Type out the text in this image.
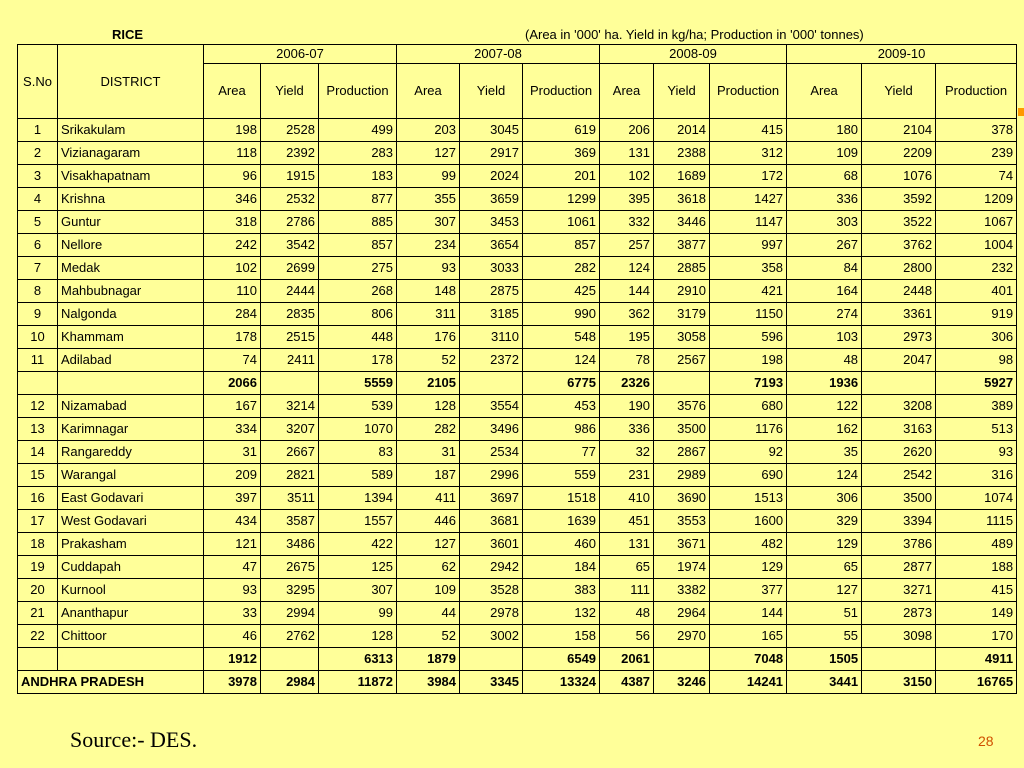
RICE	(Area in '000' ha. Yield in kg/ha; Production in '000' tonnes)
S.No	DISTRICT	2006-07			2007-08			2008-09			2009-10		
		Area	Yield	Production	Area	Yield	Production	Area	Yield	Production	Area	Yield	Production
1	Srikakulam	198	2528	499	203	3045	619	206	2014	415	180	2104	378
2	Vizianagaram	118	2392	283	127	2917	369	131	2388	312	109	2209	239
3	Visakhapatnam	96	1915	183	99	2024	201	102	1689	172	68	1076	74
4	Krishna	346	2532	877	355	3659	1299	395	3618	1427	336	3592	1209
5	Guntur	318	2786	885	307	3453	1061	332	3446	1147	303	3522	1067
6	Nellore	242	3542	857	234	3654	857	257	3877	997	267	3762	1004
7	Medak	102	2699	275	93	3033	282	124	2885	358	84	2800	232
8	Mahbubnagar	110	2444	268	148	2875	425	144	2910	421	164	2448	401
9	Nalgonda	284	2835	806	311	3185	990	362	3179	1150	274	3361	919
10	Khammam	178	2515	448	176	3110	548	195	3058	596	103	2973	306
11	Adilabad	74	2411	178	52	2372	124	78	2567	198	48	2047	98
		2066		5559	2105		6775	2326		7193	1936		5927
12	Nizamabad	167	3214	539	128	3554	453	190	3576	680	122	3208	389
13	Karimnagar	334	3207	1070	282	3496	986	336	3500	1176	162	3163	513
14	Rangareddy	31	2667	83	31	2534	77	32	2867	92	35	2620	93
15	Warangal	209	2821	589	187	2996	559	231	2989	690	124	2542	316
16	East Godavari	397	3511	1394	411	3697	1518	410	3690	1513	306	3500	1074
17	West Godavari	434	3587	1557	446	3681	1639	451	3553	1600	329	3394	1115
18	Prakasham	121	3486	422	127	3601	460	131	3671	482	129	3786	489
19	Cuddapah	47	2675	125	62	2942	184	65	1974	129	65	2877	188
20	Kurnool	93	3295	307	109	3528	383	111	3382	377	127	3271	415
21	Ananthapur	33	2994	99	44	2978	132	48	2964	144	51	2873	149
22	Chittoor	46	2762	128	52	3002	158	56	2970	165	55	3098	170
		1912		6313	1879		6549	2061		7048	1505		4911
ANDHRA PRADESH		3978	2984	11872	3984	3345	13324	4387	3246	14241	3441	3150	16765
Source:- DES.	28
